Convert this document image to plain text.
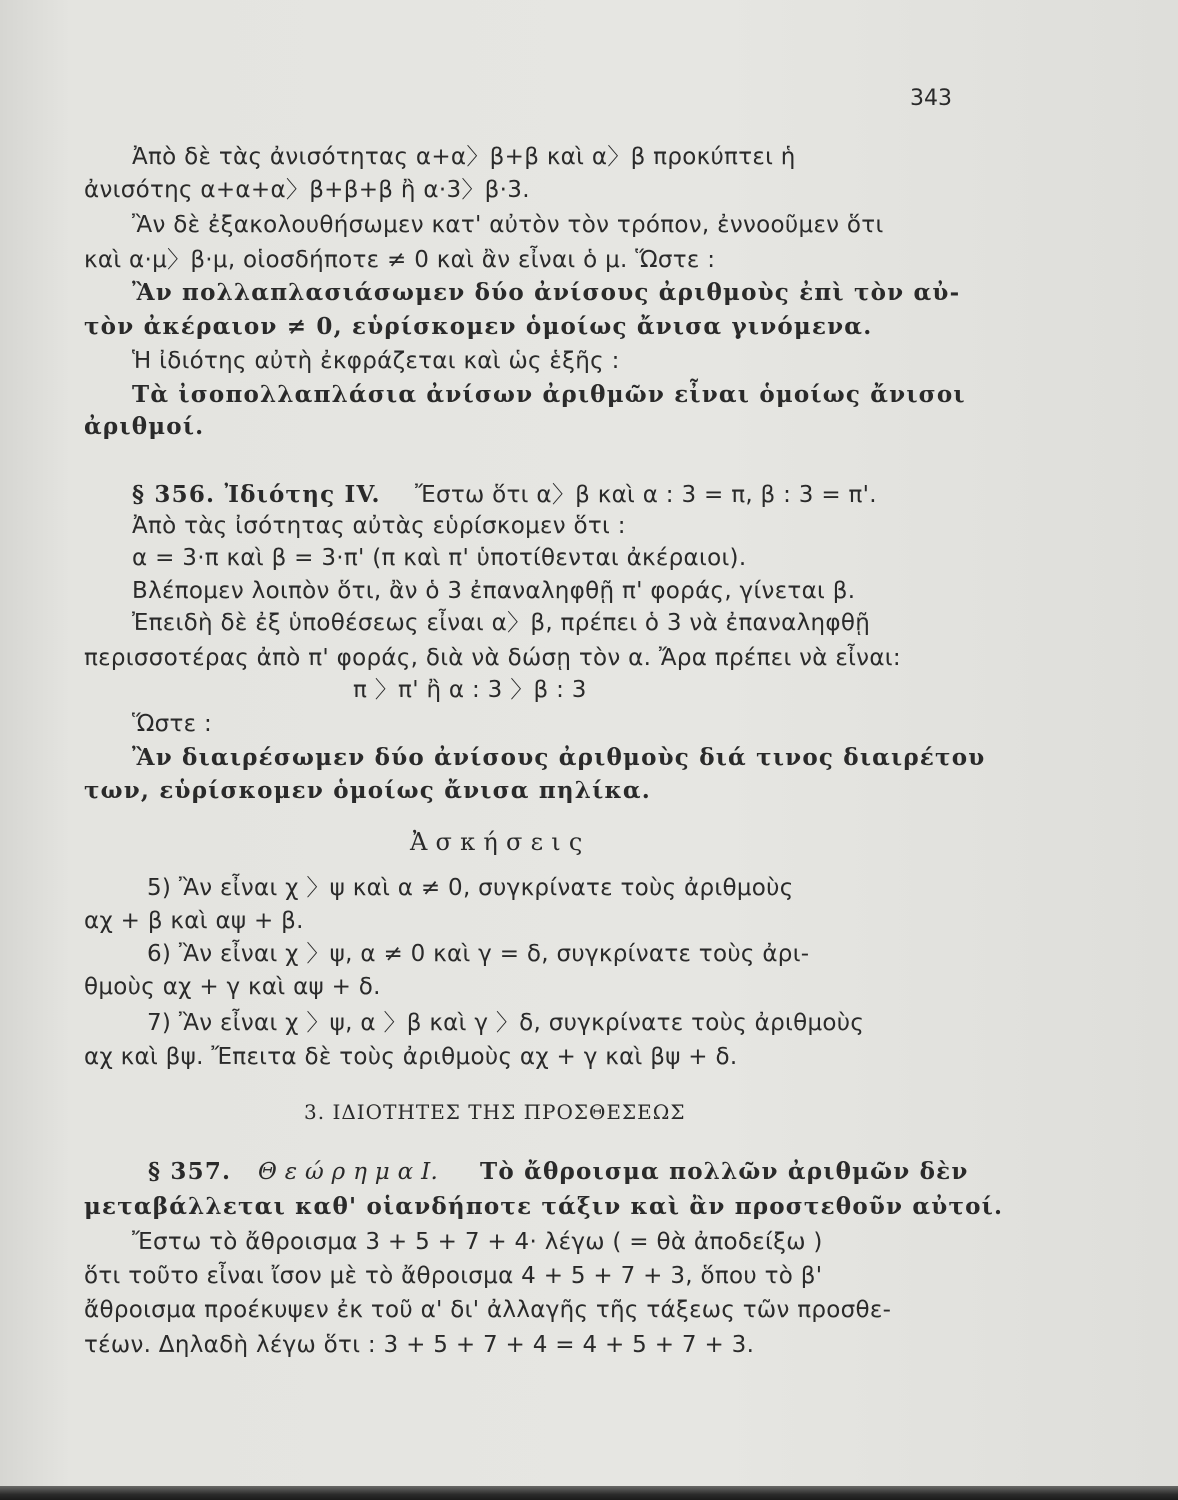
343
Ἀπὸ δὲ τὰς ἀνισότητας α+α〉β+β καὶ α〉β προκύπτει ἡ
ἀνισότης α+α+α〉β+β+β ἢ α·3〉β·3.
Ἂν δὲ ἐξακολουθήσωμεν κατ' αὐτὸν τὸν τρόπον, ἐννοοῦμεν ὅτι
καὶ α·μ〉β·μ, οἱοσδήποτε ≠ 0 καὶ ἂν εἶναι ὁ μ. Ὥστε :
Ἂν πολλαπλασιάσωμεν δύο ἀνίσους ἀριθμοὺς ἐπὶ τὸν αὐ-
τὸν ἀκέραιον ≠ 0, εὑρίσκομεν ὁμοίως ἄνισα γινόμενα.
Ἡ ἰδιότης αὐτὴ ἐκφράζεται καὶ ὡς ἑξῆς :
Τὰ ἰσοπολλαπλάσια ἀνίσων ἀριθμῶν εἶναι ὁμοίως ἄνισοι
ἀριθμοί.
§ 356. Ἰδιότης IV. Ἔστω ὅτι α〉β καὶ α : 3 = π, β : 3 = π'.
Ἀπὸ τὰς ἰσότητας αὐτὰς εὑρίσκομεν ὅτι :
α = 3·π καὶ β = 3·π' (π καὶ π' ὑποτίθενται ἀκέραιοι).
Βλέπομεν λοιπὸν ὅτι, ἂν ὁ 3 ἐπαναληφθῇ π' φοράς, γίνεται β.
Ἐπειδὴ δὲ ἐξ ὑποθέσεως εἶναι α〉β, πρέπει ὁ 3 νὰ ἐπαναληφθῇ
περισσοτέρας ἀπὸ π' φοράς, διὰ νὰ δώσῃ τὸν α. Ἄρα πρέπει νὰ εἶναι:
π 〉π' ἢ α : 3 〉β : 3
Ὥστε :
Ἂν διαιρέσωμεν δύο ἀνίσους ἀριθμοὺς διά τινος διαιρέτου
των, εὑρίσκομεν ὁμοίως ἄνισα πηλίκα.
Ἀ σ κ ή σ ε ι ς
5) Ἂν εἶναι χ 〉ψ καὶ α ≠ 0, συγκρίνατε τοὺς ἀριθμοὺς
αχ + β καὶ αψ + β.
6) Ἂν εἶναι χ 〉ψ, α ≠ 0 καὶ γ = δ, συγκρίνατε τοὺς ἀρι-
θμοὺς αχ + γ καὶ αψ + δ.
7) Ἂν εἶναι χ 〉ψ, α 〉β καὶ γ 〉δ, συγκρίνατε τοὺς ἀριθμοὺς
αχ καὶ βψ. Ἔπειτα δὲ τοὺς ἀριθμοὺς αχ + γ καὶ βψ + δ.
3. ΙΔΙΟΤΗΤΕΣ ΤΗΣ ΠΡΟΣΘΕΣΕΩΣ
§ 357. Θ ε ώ ρ η μ α Ι. Τὸ ἄθροισμα πολλῶν ἀριθμῶν δὲν
μεταβάλλεται καθ' οἱανδήποτε τάξιν καὶ ἂν προστεθοῦν αὐτοί.
Ἔστω τὸ ἄθροισμα 3 + 5 + 7 + 4· λέγω ( = θὰ ἀποδείξω )
ὅτι τοῦτο εἶναι ἴσον μὲ τὸ ἄθροισμα 4 + 5 + 7 + 3, ὅπου τὸ β'
ἄθροισμα προέκυψεν ἐκ τοῦ α' δι' ἀλλαγῆς τῆς τάξεως τῶν προσθε-
τέων. Δηλαδὴ λέγω ὅτι : 3 + 5 + 7 + 4 = 4 + 5 + 7 + 3.
